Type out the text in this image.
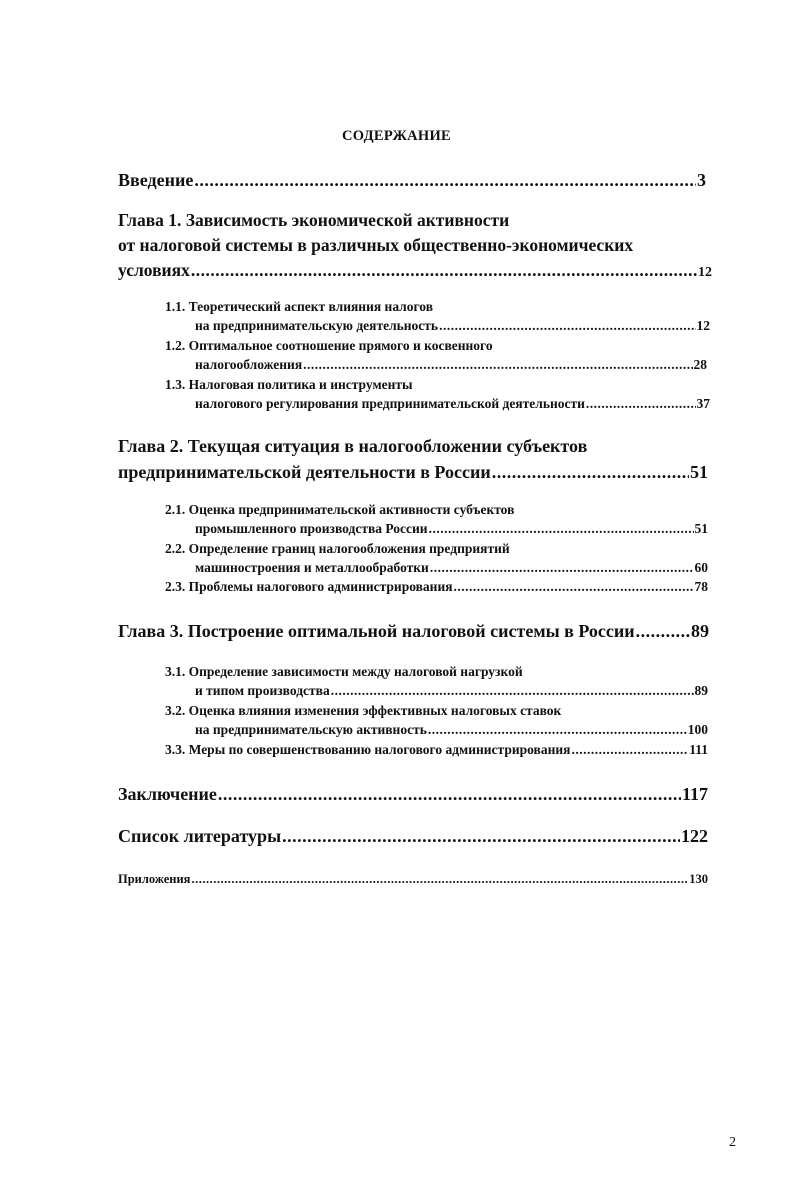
СОДЕРЖАНИЕ
Введение .....	3
Глава 1. Зависимость экономической активности
от налоговой системы в различных общественно-экономических
условиях .....	12
1.1. Теоретический аспект влияния налогов
на предпринимательскую деятельность .....	12
1.2. Оптимальное соотношение прямого и косвенного
налогообложения .....	28
1.3. Налоговая политика и инструменты
налогового регулирования предпринимательской деятельности .....	37
Глава 2. Текущая ситуация в налогообложении субъектов
предпринимательской деятельности в России .....	51
2.1. Оценка предпринимательской активности субъектов
промышленного производства России .....	51
2.2. Определение границ налогообложения предприятий
машиностроения и металлообработки .....	60
2.3. Проблемы налогового администрирования .....	78
Глава 3. Построение оптимальной налоговой системы в России .....	89
3.1. Определение зависимости между налоговой нагрузкой
и типом производства .....	89
3.2. Оценка влияния изменения эффективных налоговых ставок
на предпринимательскую активность .....	100
3.3. Меры по совершенствованию налогового администрирования .....	111
Заключение .....	117
Список литературы .....	122
Приложения .....	130
2
